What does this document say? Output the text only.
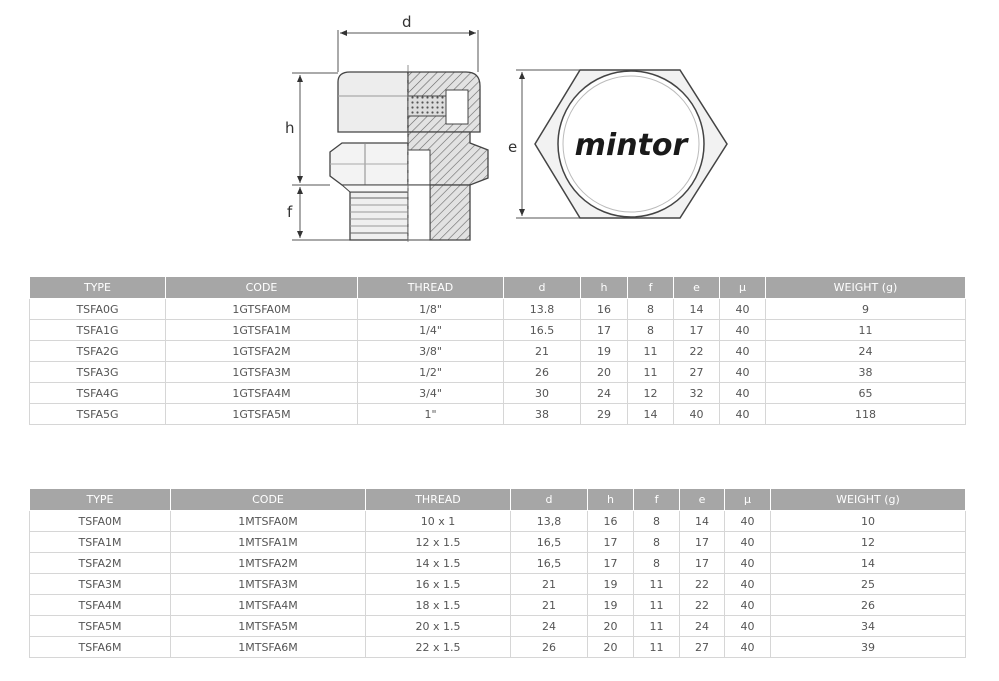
d
h
f
e mintor
TYPE	CODE	THREAD	d	h	f	e	μ	WEIGHT (g)
TSFA0G	1GTSFA0M	1/8"	13.8	16	8	14	40	9
TSFA1G	1GTSFA1M	1/4"	16.5	17	8	17	40	11
TSFA2G	1GTSFA2M	3/8"	21	19	11	22	40	24
TSFA3G	1GTSFA3M	1/2"	26	20	11	27	40	38
TSFA4G	1GTSFA4M	3/4"	30	24	12	32	40	65
TSFA5G	1GTSFA5M	1"	38	29	14	40	40	118
TYPE	CODE	THREAD	d	h	f	e	μ	WEIGHT (g)
TSFA0M	1MTSFA0M	10 x 1	13,8	16	8	14	40	10
TSFA1M	1MTSFA1M	12 x 1.5	16,5	17	8	17	40	12
TSFA2M	1MTSFA2M	14 x 1.5	16,5	17	8	17	40	14
TSFA3M	1MTSFA3M	16 x 1.5	21	19	11	22	40	25
TSFA4M	1MTSFA4M	18 x 1.5	21	19	11	22	40	26
TSFA5M	1MTSFA5M	20 x 1.5	24	20	11	24	40	34
TSFA6M	1MTSFA6M	22 x 1.5	26	20	11	27	40	39
